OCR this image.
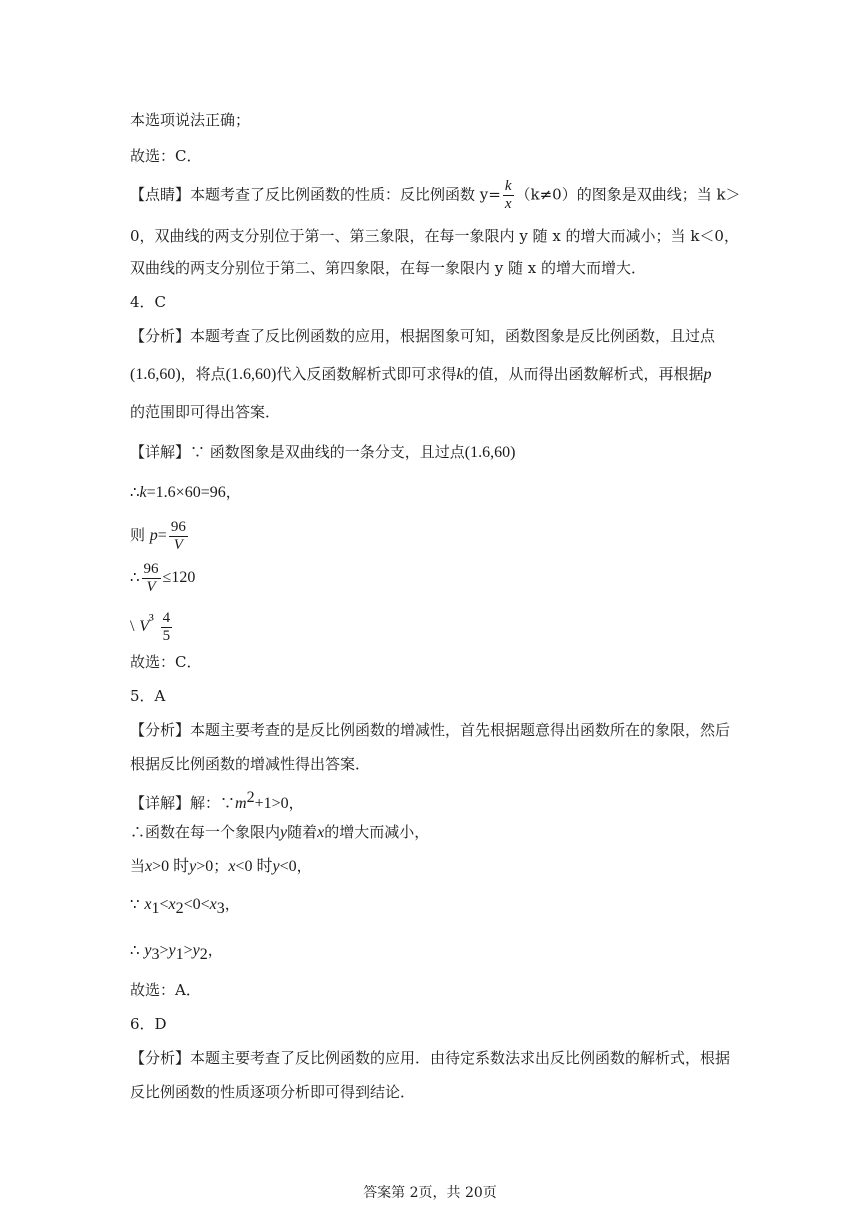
本选项说法正确；
故选：C．
【点睛】本题考查了反比例函数的性质：反比例函数 $y= \frac{k}{x} (k\ne 0)$的图象是双曲线；当 k＞
0，双曲线的两支分别位于第一、第三象限，在每一象限内 y 随 x 的增大而减小；当 k＜0，
双曲线的两支分别位于第二、第四象限，在每一象限内 y 随 x 的增大而增大．
4．C
【分析】本题考查了反比例函数的应用，根据图象可知，函数图象是反比例函数，且过点
(1.6,60)，将点(1.6,60)代入反函数解析式即可求得k的值，从而得出函数解析式，再根据p
的范围即可得出答案．
【详解】∵ 函数图象是双曲线的一条分支，且过点(1.6,60)
∴k=1.6×60=96，
则 $p= \frac{96}{V}$
∴ $\frac{96}{V} \le 120$
\ $V^{^3} \frac{4}{5}$
故选：C．
5．A
【分析】本题主要考查的是反比例函数的增减性，首先根据题意得出函数所在的象限，然后
根据反比例函数的增减性得出答案．
【详解】解：$\because m^2+1>0$，
∴函数在每一个象限内y随着x的增大而减小，
当x>0 时y>0；x<0 时y<0，
∵ $x_1<x_2<0<x_3$，
∴ $y_3>y_1>y_2$，
故选：A．
6．D
【分析】本题主要考查了反比例函数的应用．由待定系数法求出反比例函数的解析式，根据
反比例函数的性质逐项分析即可得到结论．
答案第 2页，共 20页
